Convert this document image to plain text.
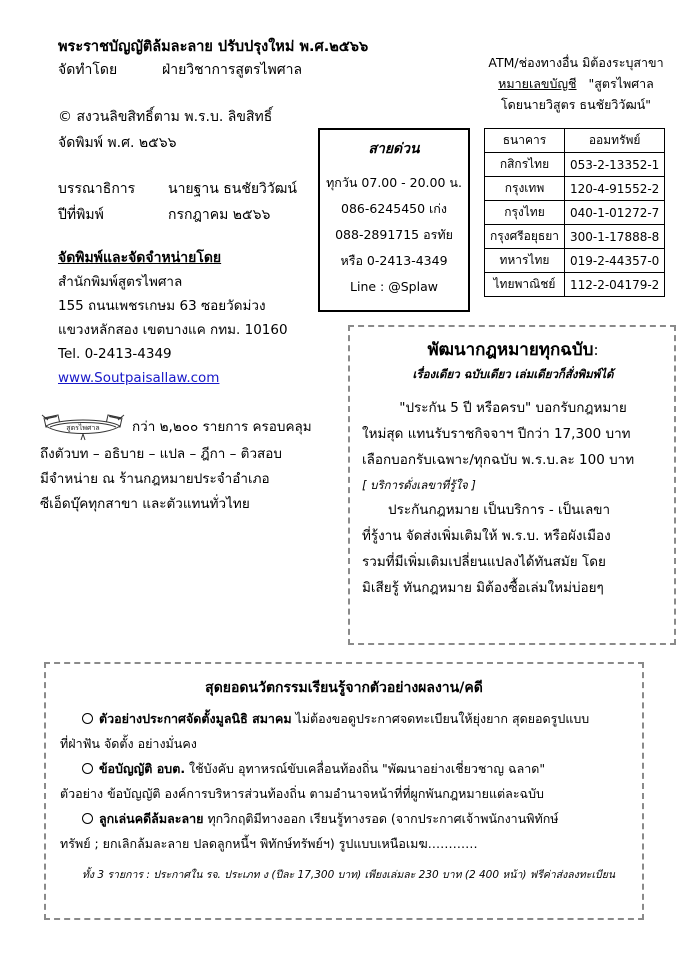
พระราชบัญญัติล้มละลาย ปรับปรุงใหม่ พ.ศ.๒๕๖๖
จัดทำโดย	ฝ่ายวิชาการสูตรไพศาล
© สงวนลิขสิทธิ์ตาม พ.ร.บ. ลิขสิทธิ์
จัดพิมพ์ พ.ศ. ๒๕๖๖
บรรณาธิการ นายฐาน ธนชัยวิวัฒน์
ปีที่พิมพ์	กรกฎาคม ๒๕๖๖
จัดพิมพ์และจัดจำหน่ายโดย
สำนักพิมพ์สูตรไพศาล
155 ถนนเพชรเกษม 63 ซอยวัดม่วง
แขวงหลักสอง เขตบางแค กทม. 10160
Tel. 0-2413-4349
www.Soutpaisallaw.com
สูตรไพศาล กว่า ๒,๒๐๐ รายการ ครอบคลุม
ถึงตัวบท – อธิบาย – แปล – ฎีกา – ติวสอบ
มีจำหน่าย ณ ร้านกฎหมายประจำอำเภอ
ซีเอ็ดบุ๊คทุกสาขา และตัวแทนทั่วไทย
ATM/ช่องทางอื่น มิต้องระบุสาขา
หมายเลขบัญชี   "สูตรไพศาล
โดยนายวิสูตร ธนชัยวิวัฒน์"
สายด่วน
ทุกวัน 07.00 - 20.00 น.
086-6245450 เก่ง
088-2891715 อรทัย
หรือ 0-2413-4349
Line : @Splaw
ธนาคาร	ออมทรัพย์
กสิกรไทย	053-2-13352-1
กรุงเทพ	120-4-91552-2
กรุงไทย	040-1-01272-7
กรุงศรีอยุธยา	300-1-17888-8
ทหารไทย	019-2-44357-0
ไทยพาณิชย์	112-2-04179-2
พัฒนากฎหมายทุกฉบับ:
เรื่องเดียว ฉบับเดียว เล่มเดียวก็สั่งพิมพ์ได้

"ประกัน 5 ปี หรือครบ" บอกรับกฎหมาย

ใหม่สุด แทนรับราชกิจจาฯ ปีกว่า 17,300 บาท

เลือกบอกรับเฉพาะ/ทุกฉบับ พ.ร.บ.ละ 100 บาท

[ บริการดั่งเลขาที่รู้ใจ ]

ประกันกฎหมาย เป็นบริการ - เป็นเลขา

ที่รู้งาน จัดส่งเพิ่มเติมให้ พ.ร.บ. หรือผังเมือง

รวมที่มีเพิ่มเติมเปลี่ยนแปลงได้ทันสมัย โดย

มิเสียรู้ ทันกฎหมาย มิต้องซื้อเล่มใหม่บ่อยๆ

สุดยอดนวัตกรรมเรียนรู้จากตัวอย่างผลงาน/คดี
ตัวอย่างประกาศจัดตั้งมูลนิธิ สมาคม ไม่ต้องขอดูประกาศจดทะเบียนให้ยุ่งยาก สุดยอดรูปแบบ
ที่ฝ่าฟัน จัดตั้ง อย่างมั่นคง
ข้อบัญญัติ อบต. ใช้บังคับ อุทาหรณ์ขับเคลื่อนท้องถิ่น "พัฒนาอย่างเชี่ยวชาญ ฉลาด"
ตัวอย่าง ข้อบัญญัติ องค์การบริหารส่วนท้องถิ่น ตามอำนาจหน้าที่ที่ผูกพันกฎหมายแต่ละฉบับ
ลูกเล่นคดีล้มละลาย ทุกวิกฤติมีทางออก เรียนรู้ทางรอด (จากประกาศเจ้าพนักงานพิทักษ์
ทรัพย์ ; ยกเลิกล้มละลาย ปลดลูกหนี้ฯ พิทักษ์ทรัพย์ฯ) รูปแบบเหนือเมฆ…………
ทั้ง 3 รายการ : ประกาศใน รจ. ประเภท ง (ปีละ 17,300 บาท) เพียงเล่มละ 230 บาท (2 400 หน้า) ฟรีค่าส่งลงทะเบียน
